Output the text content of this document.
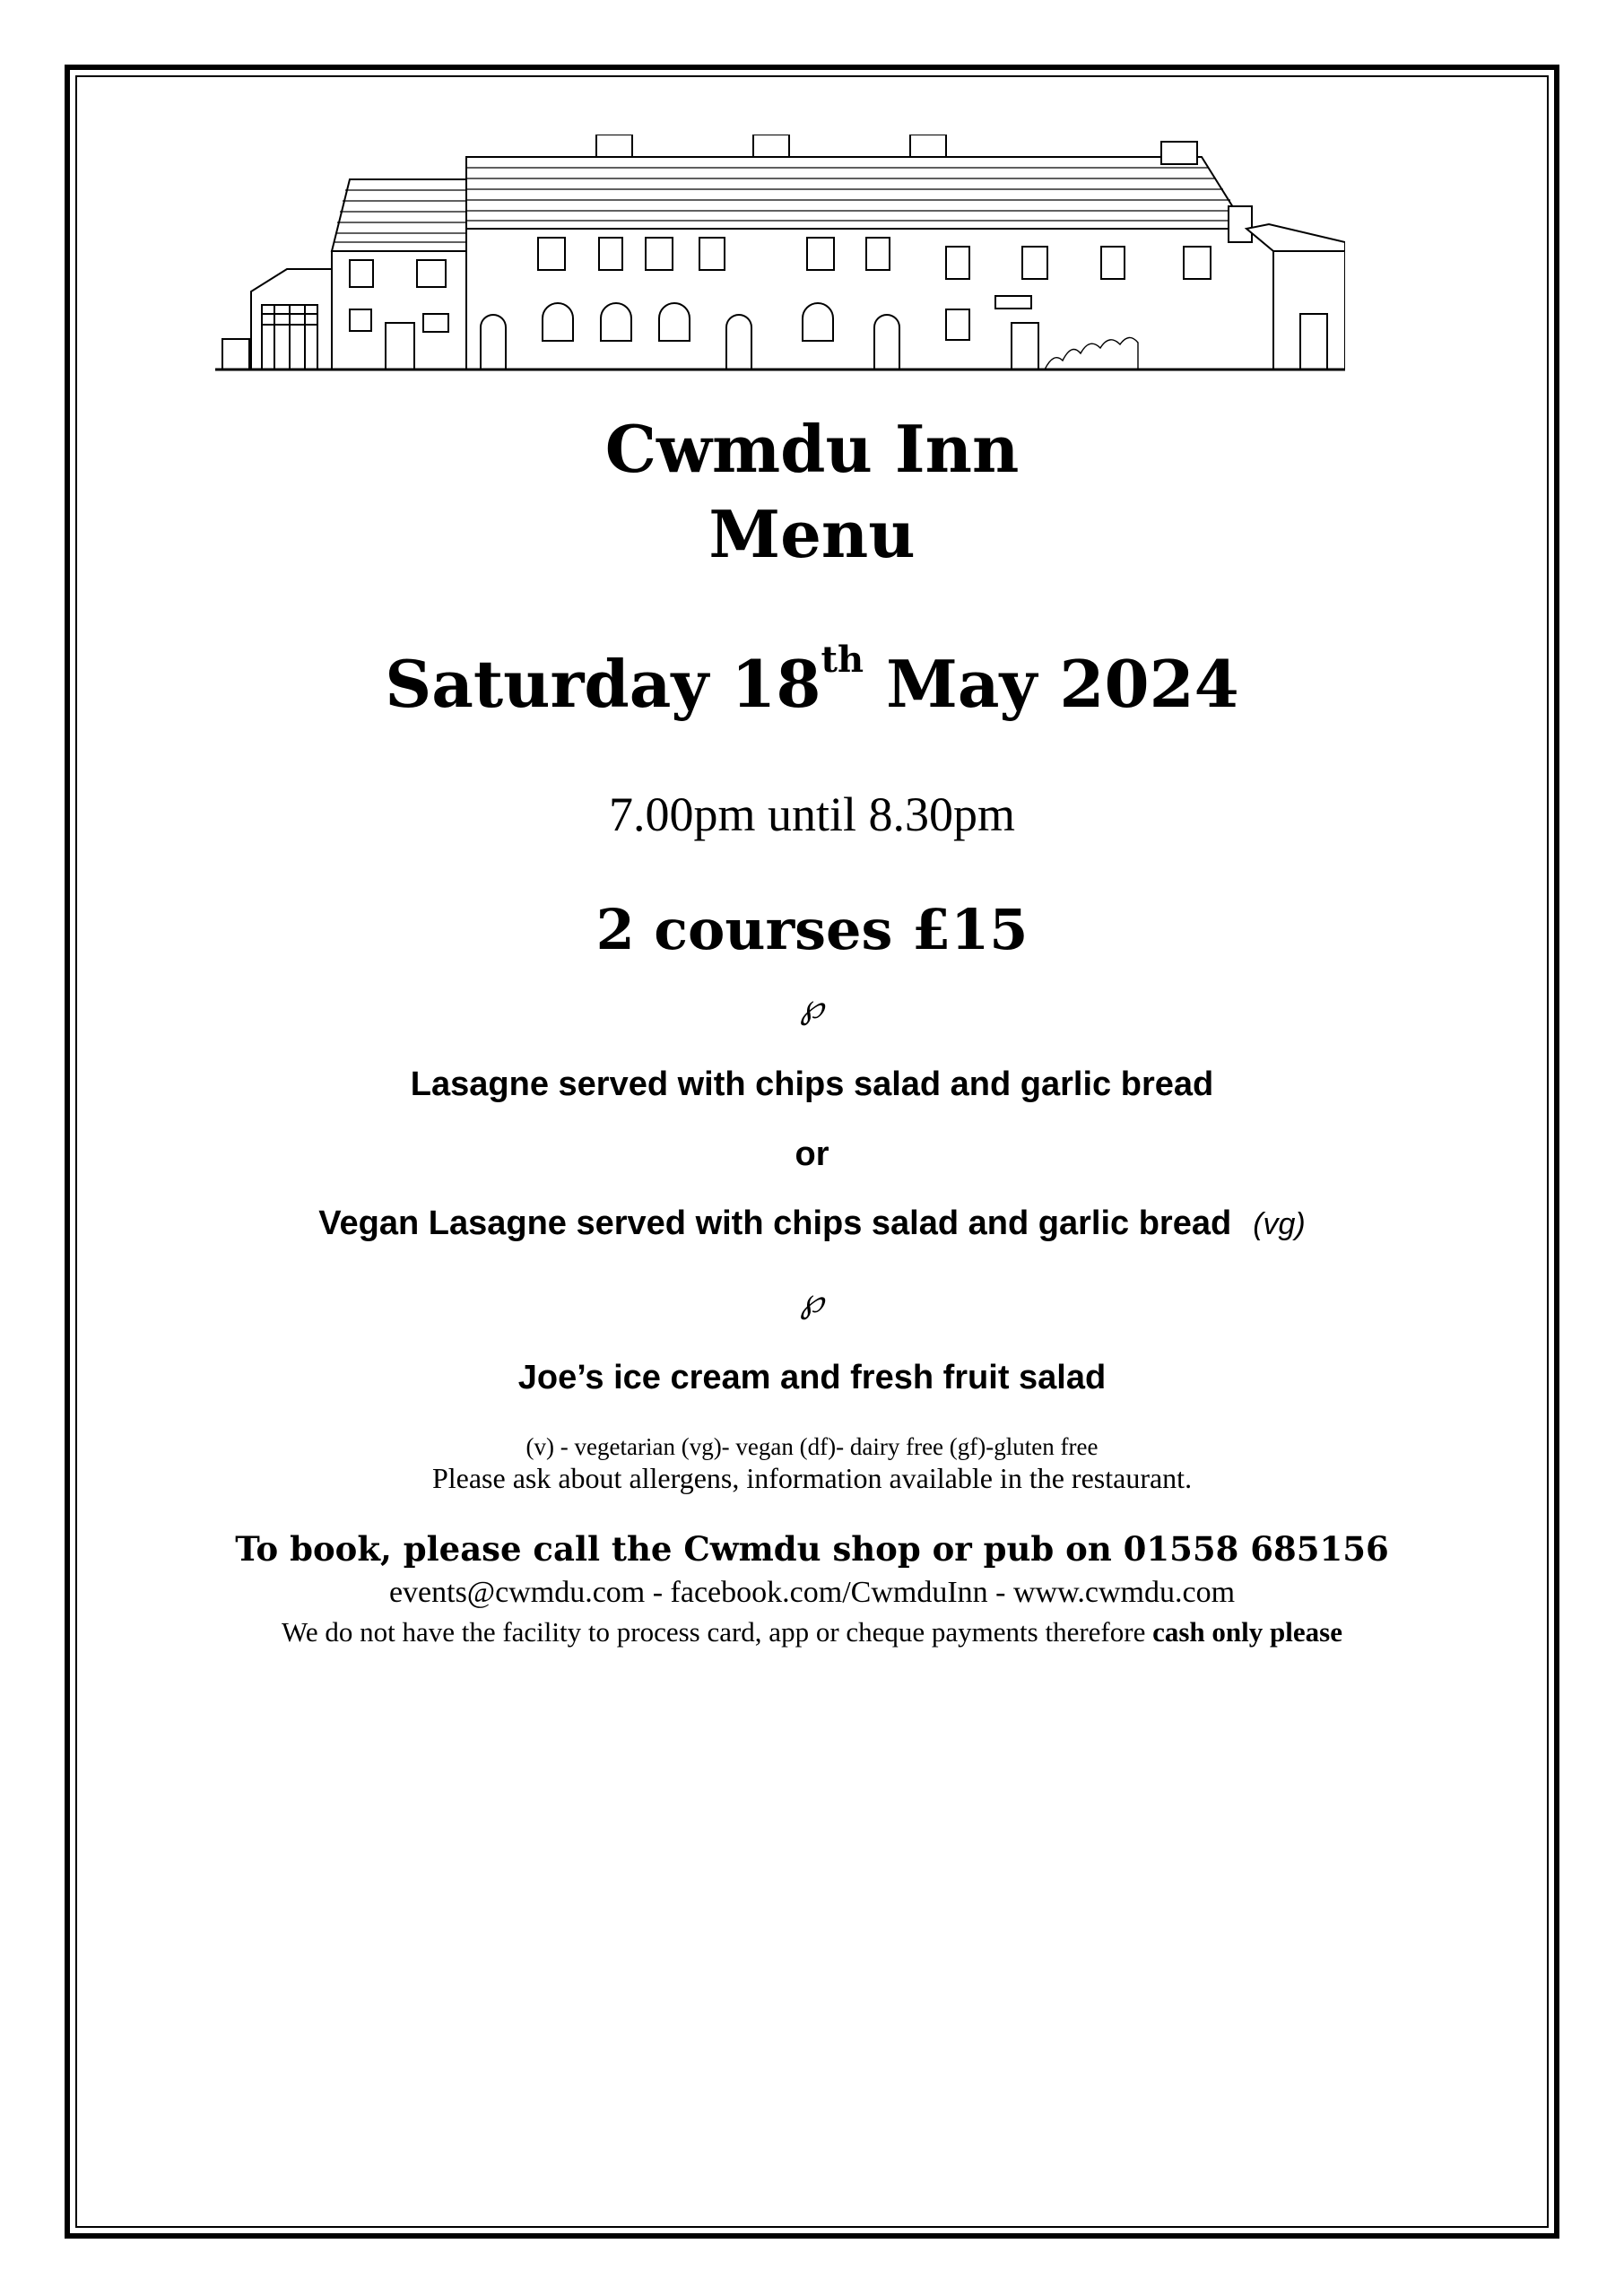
Cwmdu Inn
Menu
Saturday 18th May 2024
7.00pm until 8.30pm
2 courses £15
℘
Lasagne served with chips salad and garlic bread
or
Vegan Lasagne served with chips salad and garlic bread (vg)
℘
Joe’s ice cream and fresh fruit salad
(v) - vegetarian (vg)- vegan (df)- dairy free (gf)-gluten free
Please ask about allergens, information available in the restaurant.
To book, please call the Cwmdu shop or pub on 01558 685156
events@cwmdu.com - facebook.com/CwmduInn - www.cwmdu.com
We do not have the facility to process card, app or cheque payments therefore cash only please
